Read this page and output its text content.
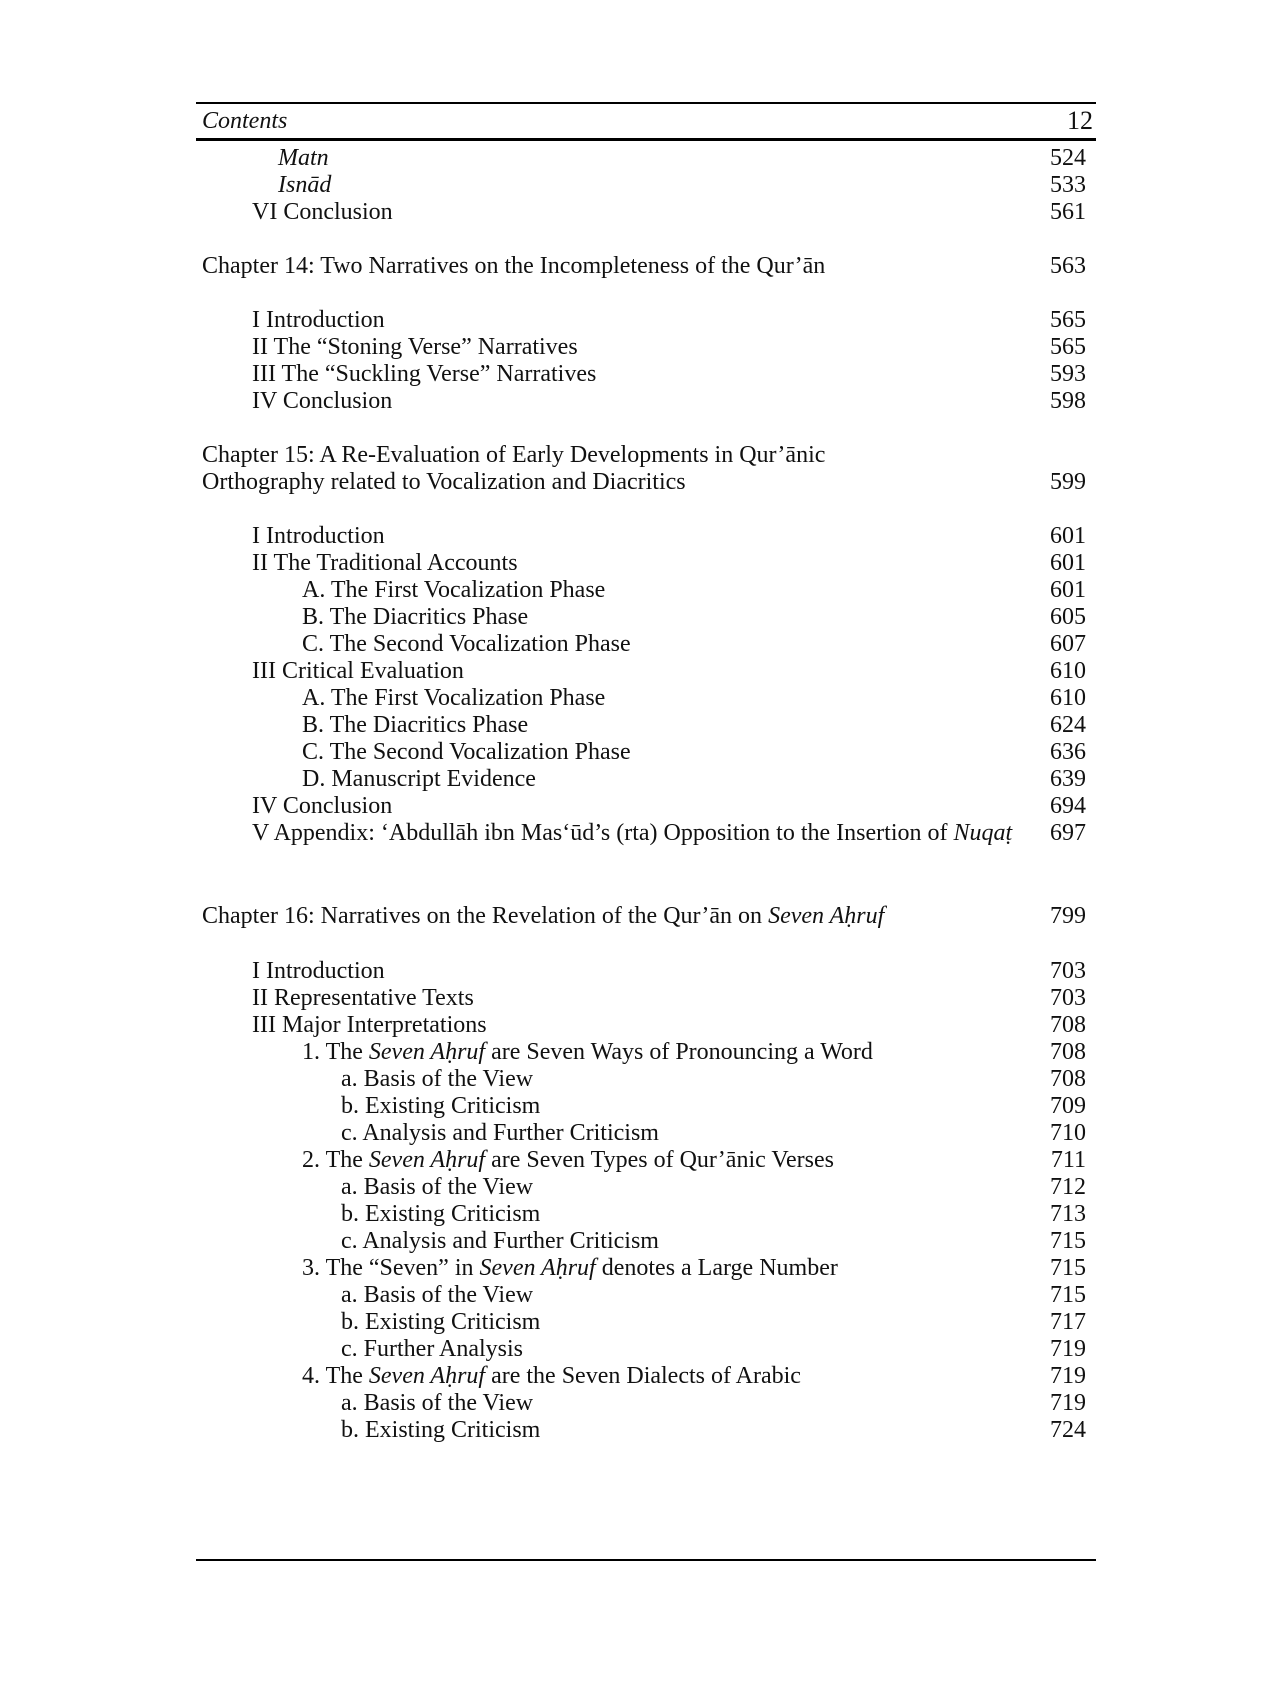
Contents	12
Matn	524
Isnād	533
VI Conclusion	561
Chapter 14: Two Narratives on the Incompleteness of the Qur’ān	563
I Introduction	565
II The “Stoning Verse” Narratives	565
III The “Suckling Verse” Narratives	593
IV Conclusion	598
Chapter 15: A Re-Evaluation of Early Developments in Qur’ānic
Orthography related to Vocalization and Diacritics	599
I Introduction	601
II The Traditional Accounts	601
A. The First Vocalization Phase	601
B. The Diacritics Phase	605
C. The Second Vocalization Phase	607
III Critical Evaluation	610
A. The First Vocalization Phase	610
B. The Diacritics Phase	624
C. The Second Vocalization Phase	636
D. Manuscript Evidence	639
IV Conclusion	694
V Appendix: ‘Abdullāh ibn Mas‘ūd’s (rta) Opposition to the Insertion of Nuqaṭ 697
Chapter 16: Narratives on the Revelation of the Qur’ān on Seven Aḥruf	799
I Introduction	703
II Representative Texts	703
III Major Interpretations	708
1. The Seven Aḥruf are Seven Ways of Pronouncing a Word	708
a. Basis of the View	708
b. Existing Criticism	709
c. Analysis and Further Criticism	710
2. The Seven Aḥruf are Seven Types of Qur’ānic Verses	711
a. Basis of the View	712
b. Existing Criticism	713
c. Analysis and Further Criticism	715
3. The “Seven” in Seven Aḥruf denotes a Large Number	715
a. Basis of the View	715
b. Existing Criticism	717
c. Further Analysis	719
4. The Seven Aḥruf are the Seven Dialects of Arabic	719
a. Basis of the View	719
b. Existing Criticism	724
